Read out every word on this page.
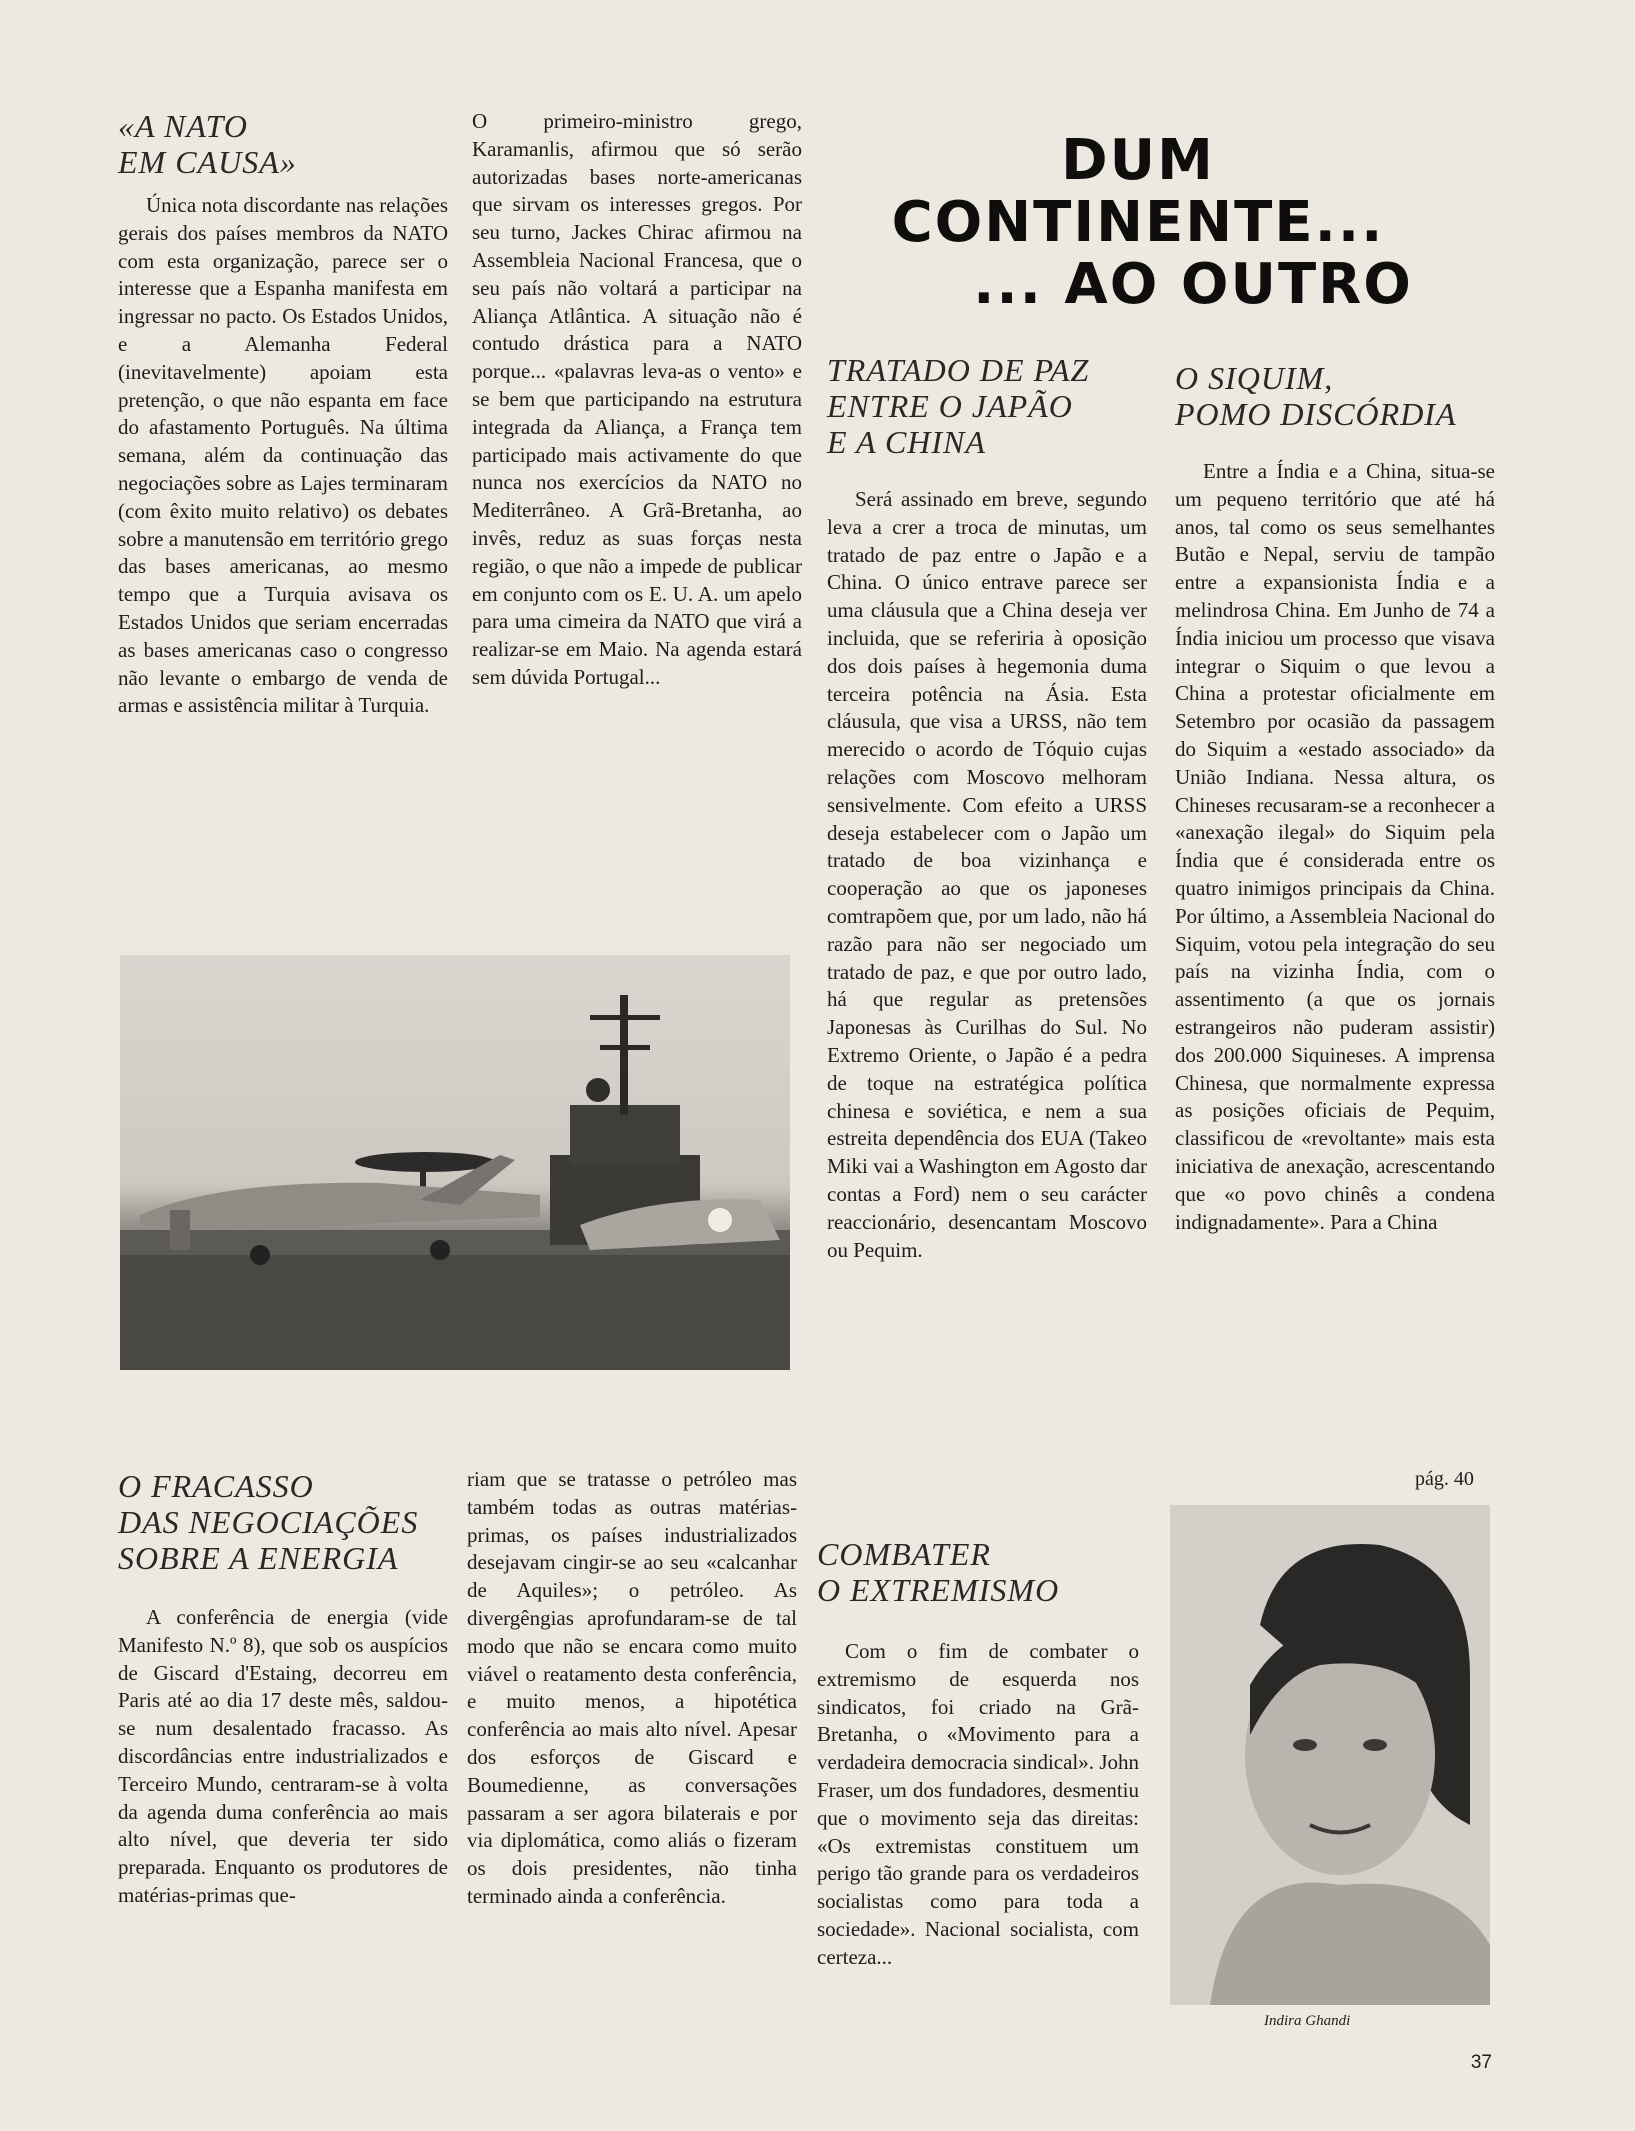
«A NATO
EM CAUSA»

Única nota discordante nas relações gerais dos países membros da NATO com esta organização, parece ser o interesse que a Espanha manifesta em ingressar no pacto. Os Estados Unidos, e a Alemanha Federal (inevitavelmente) apoiam esta pretenção, o que não espanta em face do afastamento Português. Na última semana, além da continuação das negociações sobre as Lajes terminaram (com êxito muito relativo) os debates sobre a manutensão em território grego das bases americanas, ao mesmo tempo que a Turquia avisava os Estados Unidos que seriam encerradas as bases americanas caso o congresso não levante o embargo de venda de armas e assistência militar à Turquia.

O primeiro-ministro grego, Karamanlis, afirmou que só serão autorizadas bases norte-americanas que sirvam os interesses gregos. Por seu turno, Jackes Chirac afirmou na Assembleia Nacional Francesa, que o seu país não voltará a participar na Aliança Atlântica. A situação não é contudo drástica para a NATO porque... «palavras leva-as o vento» e se bem que participando na estrutura integrada da Aliança, a França tem participado mais activamente do que nunca nos exercícios da NATO no Mediterrâneo. A Grã-Bretanha, ao invês, reduz as suas forças nesta região, o que não a impede de publicar em conjunto com os E. U. A. um apelo para uma cimeira da NATO que virá a realizar-se em Maio. Na agenda estará sem dúvida Portugal...

DUM CONTINENTE...
... AO OUTRO
TRATADO DE PAZ
ENTRE O JAPÃO
E A CHINA

Será assinado em breve, segundo leva a crer a troca de minutas, um tratado de paz entre o Japão e a China. O único entrave parece ser uma cláusula que a China deseja ver incluida, que se referiria à oposição dos dois países à hegemonia duma terceira potência na Ásia. Esta cláusula, que visa a URSS, não tem merecido o acordo de Tóquio cujas relações com Moscovo melhoram sensivelmente. Com efeito a URSS deseja estabelecer com o Japão um tratado de boa vizinhança e cooperação ao que os japoneses comtrapõem que, por um lado, não há razão para não ser negociado um tratado de paz, e que por outro lado, há que regular as pretensões Japonesas às Curilhas do Sul. No Extremo Oriente, o Japão é a pedra de toque na estratégica política chinesa e soviética, e nem a sua estreita dependência dos EUA (Takeo Miki vai a Washington em Agosto dar contas a Ford) nem o seu carácter reaccionário, desencantam Moscovo ou Pequim.

O SIQUIM,
POMO DISCÓRDIA

Entre a Índia e a China, situa-se um pequeno território que até há anos, tal como os seus semelhantes Butão e Nepal, serviu de tampão entre a expansionista Índia e a melindrosa China. Em Junho de 74 a Índia iniciou um processo que visava integrar o Siquim o que levou a China a protestar oficialmente em Setembro por ocasião da passagem do Siquim a «estado associado» da União Indiana. Nessa altura, os Chineses recusaram-se a reconhecer a «anexação ilegal» do Siquim pela Índia que é considerada entre os quatro inimigos principais da China. Por último, a Assembleia Nacional do Siquim, votou pela integração do seu país na vizinha Índia, com o assentimento (a que os jornais estrangeiros não puderam assistir) dos 200.000 Siquineses. A imprensa Chinesa, que normalmente expressa as posições oficiais de Pequim, classificou de «revoltante» mais esta iniciativa de anexação, acrescentando que «o povo chinês a condena indignadamente». Para a China

pág. 40
O FRACASSO
DAS NEGOCIAÇÕES
SOBRE A ENERGIA

A conferência de energia (vide Manifesto N.º 8), que sob os auspícios de Giscard d'Estaing, decorreu em Paris até ao dia 17 deste mês, saldou-se num desalentado fracasso. As discordâncias entre industrializados e Terceiro Mundo, centraram-se à volta da agenda duma conferência ao mais alto nível, que deveria ter sido preparada. Enquanto os produtores de matérias-primas que-

riam que se tratasse o petróleo mas também todas as outras matérias-primas, os países industrializados desejavam cingir-se ao seu «calcanhar de Aquiles»; o petróleo. As divergêngias aprofundaram-se de tal modo que não se encara como muito viável o reatamento desta conferência, e muito menos, a hipotética conferência ao mais alto nível. Apesar dos esforços de Giscard e Boumedienne, as conversações passaram a ser agora bilaterais e por via diplomática, como aliás o fizeram os dois presidentes, não tinha terminado ainda a conferência.

COMBATER
O EXTREMISMO

Com o fim de combater o extremismo de esquerda nos sindicatos, foi criado na Grã-Bretanha, o «Movimento para a verdadeira democracia sindical». John Fraser, um dos fundadores, desmentiu que o movimento seja das direitas: «Os extremistas constituem um perigo tão grande para os verdadeiros socialistas como para toda a sociedade». Nacional socialista, com certeza...

Indira Ghandi
37
